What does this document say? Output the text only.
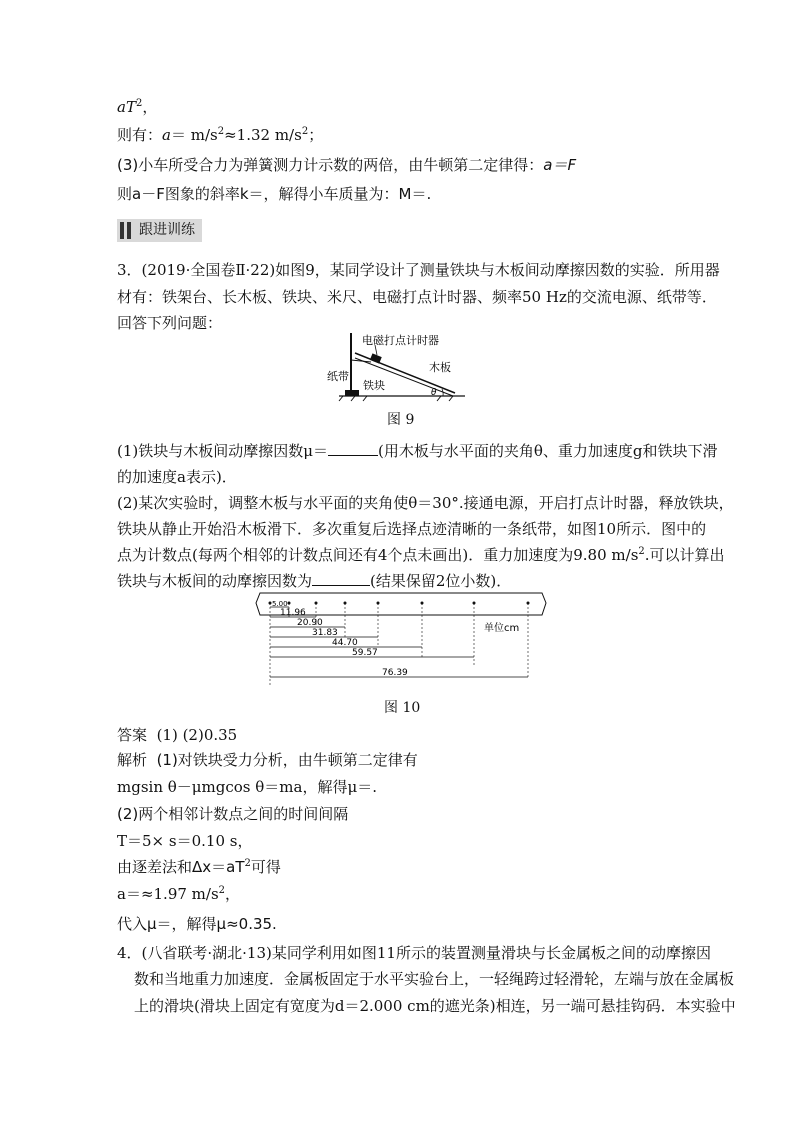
$aT^2$，
则有：$a= m/s^2\approx 1.32$ $m/s^2$；
(3)小车所受合力为弹簧测力计示数的两倍，由牛顿第二定律得：a＝F
则a－F图象的斜率k＝，解得小车质量为：M＝.
跟进训练
3．(2019·全国卷Ⅱ·22)如图9，某同学设计了测量铁块与木板间动摩擦因数的实验．所用器
材有：铁架台、长木板、铁块、米尺、电磁打点计时器、频率50 Hz的交流电源、纸带等．
回答下列问题：
电磁打点计时器
纸带
木板
铁块
θ
图 9
(1)铁块与木板间动摩擦因数μ＝	(用木板与水平面的夹角θ、重力加速度g和铁块下滑
的加速度a表示)．
(2)某次实验时，调整木板与水平面的夹角使θ＝30°.接通电源，开启打点计时器，释放铁块，
铁块从静止开始沿木板滑下．多次重复后选择点迹清晰的一条纸带，如图10所示．图中的
点为计数点(每两个相邻的计数点间还有4个点未画出)．重力加速度为9.80 $m/s^2$.可以计算出
铁块与木板间的动摩擦因数为	(结果保留2位小数)．
5.00
11.96
20.90
31.83
44.70
59.57
76.39
单位cm
图 10
答案 (1) (2)0.35
解析 (1)对铁块受力分析，由牛顿第二定律有
mgsin θ－μmgcos θ＝ma，解得μ＝.
(2)两个相邻计数点之间的时间间隔
T＝5× s＝0.10 s，
由逐差法和$\Delta x=aT^2$可得
a＝≈1.97 $m/s^2$，
代入μ＝，解得μ≈0.35.
4．(八省联考·湖北·13)某同学利用如图11所示的装置测量滑块与长金属板之间的动摩擦因
数和当地重力加速度．金属板固定于水平实验台上，一轻绳跨过轻滑轮，左端与放在金属板
上的滑块(滑块上固定有宽度为d＝2.000 cm的遮光条)相连，另一端可悬挂钩码．本实验中
